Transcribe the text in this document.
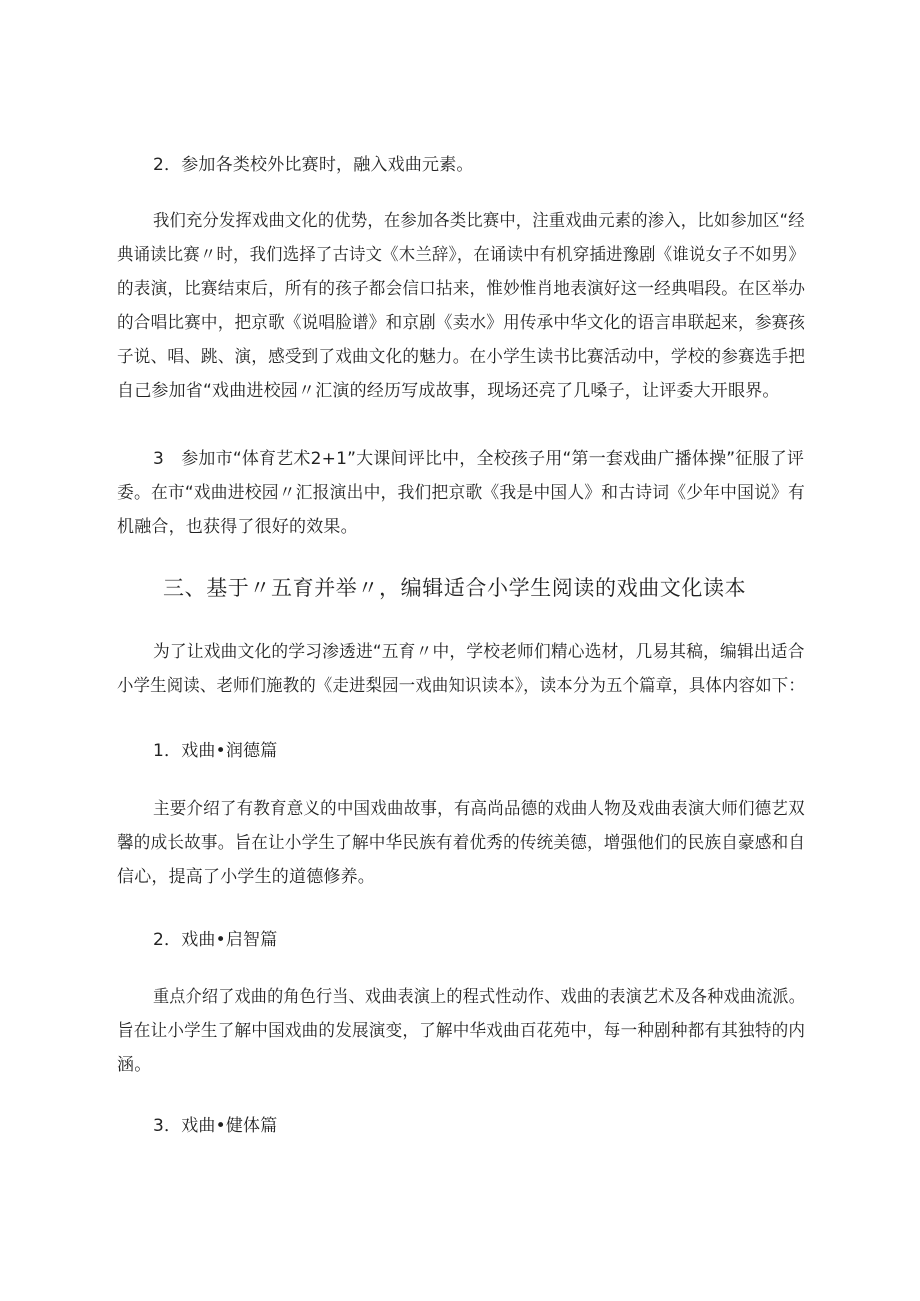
2．参加各类校外比赛时，融入戏曲元素。
我们充分发挥戏曲文化的优势，在参加各类比赛中，注重戏曲元素的渗入，比如参加区“经
典诵读比赛〃时，我们选择了古诗文《木兰辞》，在诵读中有机穿插进豫剧《谁说女子不如男》
的表演，比赛结束后，所有的孩子都会信口拈来，惟妙惟肖地表演好这一经典唱段。在区举办
的合唱比赛中，把京歌《说唱脸谱》和京剧《卖水》用传承中华文化的语言串联起来，参赛孩
子说、唱、跳、演，感受到了戏曲文化的魅力。在小学生读书比赛活动中，学校的参赛选手把
自己参加省“戏曲进校园〃汇演的经历写成故事，现场还亮了几嗓子，让评委大开眼界。
3　参加市“体育艺术2+1”大课间评比中，全校孩子用“第一套戏曲广播体操”征服了评
委。在市“戏曲进校园〃汇报演出中，我们把京歌《我是中国人》和古诗词《少年中国说》有
机融合，也获得了很好的效果。
三、基于〃五育并举〃，编辑适合小学生阅读的戏曲文化读本
为了让戏曲文化的学习渗透进“五育〃中，学校老师们精心选材，几易其稿，编辑出适合
小学生阅读、老师们施教的《走进梨园一戏曲知识读本》，读本分为五个篇章，具体内容如下：
1．戏曲•润德篇
主要介绍了有教育意义的中国戏曲故事，有高尚品德的戏曲人物及戏曲表演大师们德艺双
馨的成长故事。旨在让小学生了解中华民族有着优秀的传统美德，增强他们的民族自豪感和自
信心，提高了小学生的道德修养。
2．戏曲•启智篇
重点介绍了戏曲的角色行当、戏曲表演上的程式性动作、戏曲的表演艺术及各种戏曲流派。
旨在让小学生了解中国戏曲的发展演变，了解中华戏曲百花苑中，每一种剧种都有其独特的内
涵。
3．戏曲•健体篇
